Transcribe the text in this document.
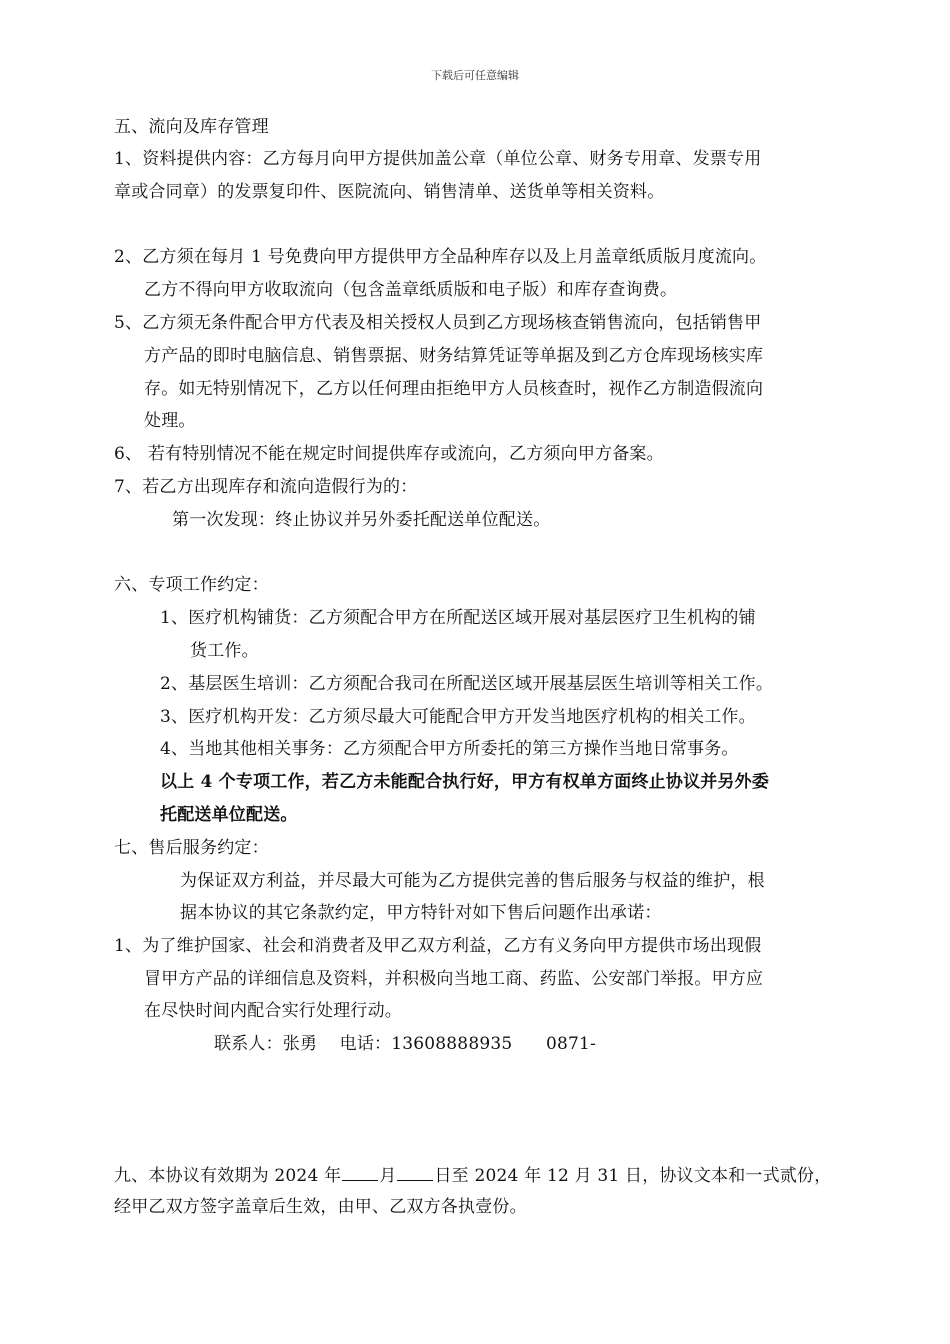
下载后可任意编辑
五、流向及库存管理
1、资料提供内容：乙方每月向甲方提供加盖公章（单位公章、财务专用章、发票专用
章或合同章）的发票复印件、医院流向、销售清单、送货单等相关资料。
2、乙方须在每月 1 号免费向甲方提供甲方全品种库存以及上月盖章纸质版月度流向。
乙方不得向甲方收取流向（包含盖章纸质版和电子版）和库存查询费。
5、乙方须无条件配合甲方代表及相关授权人员到乙方现场核查销售流向，包括销售甲
方产品的即时电脑信息、销售票据、财务结算凭证等单据及到乙方仓库现场核实库
存。如无特别情况下，乙方以任何理由拒绝甲方人员核查时，视作乙方制造假流向
处理。
6、 若有特别情况不能在规定时间提供库存或流向，乙方须向甲方备案。
7、若乙方出现库存和流向造假行为的：
第一次发现：终止协议并另外委托配送单位配送。
六、专项工作约定：
1、医疗机构铺货：乙方须配合甲方在所配送区域开展对基层医疗卫生机构的铺
货工作。
2、基层医生培训：乙方须配合我司在所配送区域开展基层医生培训等相关工作。
3、医疗机构开发：乙方须尽最大可能配合甲方开发当地医疗机构的相关工作。
4、当地其他相关事务：乙方须配合甲方所委托的第三方操作当地日常事务。
以上 4 个专项工作，若乙方未能配合执行好，甲方有权单方面终止协议并另外委
托配送单位配送。
七、售后服务约定：
为保证双方利益，并尽最大可能为乙方提供完善的售后服务与权益的维护，根
据本协议的其它条款约定，甲方特针对如下售后问题作出承诺：
1、为了维护国家、社会和消费者及甲乙双方利益，乙方有义务向甲方提供市场出现假
冒甲方产品的详细信息及资料，并积极向当地工商、药监、公安部门举报。甲方应
在尽快时间内配合实行处理行动。
联系人：张勇    电话：13608888935      0871-
九、本协议有效期为 2024 年 月 日至 2024 年 12 月 31 日，协议文本和一式贰份，
经甲乙双方签字盖章后生效，由甲、乙双方各执壹份。
